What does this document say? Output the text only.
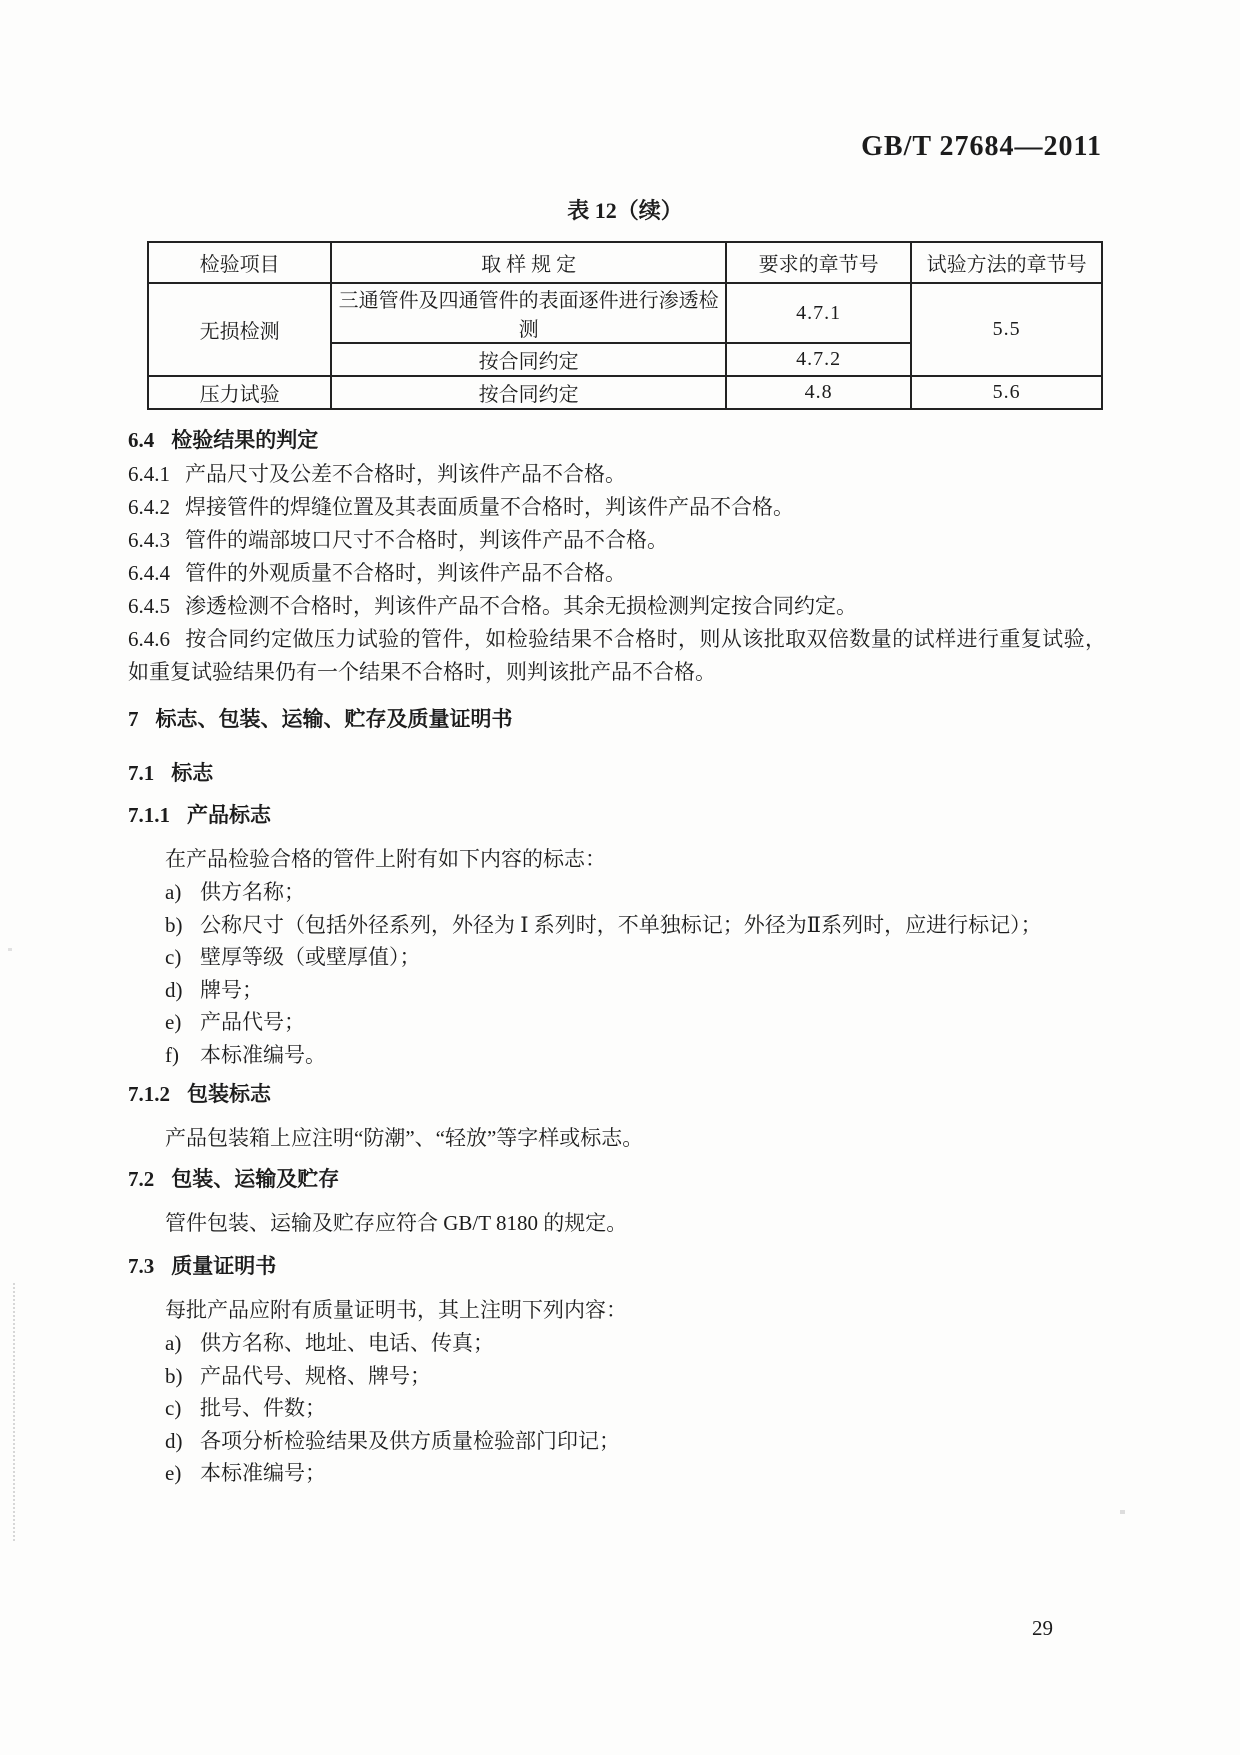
GB/T 27684—2011
表 12（续）
检验项目	取 样 规 定	要求的章节号	试验方法的章节号
无损检测	三通管件及四通管件的表面逐件进行渗透检测	4.7.1	5.5
	按合同约定	4.7.2	
压力试验	按合同约定	4.8	5.6

6.4 检验结果的判定

6.4.1 产品尺寸及公差不合格时，判该件产品不合格。

6.4.2 焊接管件的焊缝位置及其表面质量不合格时，判该件产品不合格。

6.4.3 管件的端部坡口尺寸不合格时，判该件产品不合格。

6.4.4 管件的外观质量不合格时，判该件产品不合格。

6.4.5 渗透检测不合格时，判该件产品不合格。其余无损检测判定按合同约定。

6.4.6 按合同约定做压力试验的管件，如检验结果不合格时，则从该批取双倍数量的试样进行重复试验，如重复试验结果仍有一个结果不合格时，则判该批产品不合格。

7 标志、包装、运输、贮存及质量证明书

7.1 标志

7.1.1 产品标志

在产品检验合格的管件上附有如下内容的标志：

a) 供方名称；
b) 公称尺寸（包括外径系列，外径为 Ⅰ 系列时，不单独标记；外径为Ⅱ系列时，应进行标记）；
c) 壁厚等级（或壁厚值）；
d) 牌号；
e) 产品代号；
f) 本标准编号。

7.1.2 包装标志

产品包装箱上应注明“防潮”、“轻放”等字样或标志。

7.2 包装、运输及贮存

管件包装、运输及贮存应符合 GB/T 8180 的规定。

7.3 质量证明书

每批产品应附有质量证明书，其上注明下列内容：

a) 供方名称、地址、电话、传真；
b) 产品代号、规格、牌号；
c) 批号、件数；
d) 各项分析检验结果及供方质量检验部门印记；
e) 本标准编号；
29
